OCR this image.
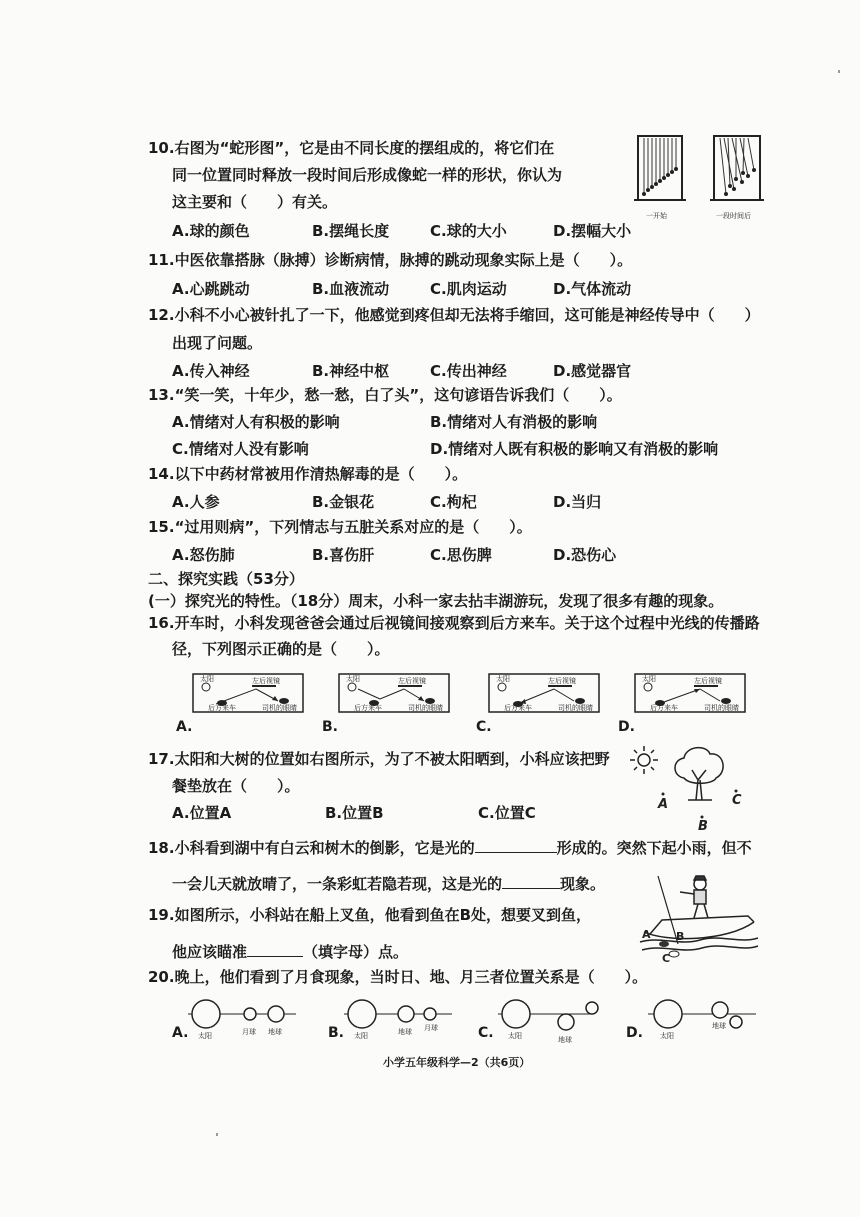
10.右图为“蛇形图”，它是由不同长度的摆组成的，将它们在
同一位置同时释放一段时间后形成像蛇一样的形状，你认为
这主要和（　　）有关。
A.球的颜色	B.摆绳长度	C.球的大小	D.摆幅大小
一开始	一段时间后
11.中医依靠搭脉（脉搏）诊断病情，脉搏的跳动现象实际上是（　　）。
A.心跳跳动	B.血液流动	C.肌肉运动	D.气体流动
12.小科不小心被针扎了一下，他感觉到疼但却无法将手缩回，这可能是神经传导中（　　）
出现了问题。
A.传入神经	B.神经中枢	C.传出神经	D.感觉器官
13.“笑一笑，十年少，愁一愁，白了头”，这句谚语告诉我们（　　）。
A.情绪对人有积极的影响	B.情绪对人有消极的影响
C.情绪对人没有影响	D.情绪对人既有积极的影响又有消极的影响
14.以下中药材常被用作清热解毒的是（　　）。
A.人参	B.金银花	C.枸杞	D.当归
15.“过用则病”，下列情志与五脏关系对应的是（　　）。
A.怒伤肺	B.喜伤肝	C.思伤脾	D.恐伤心
二、探究实践（53分）
(一）探究光的特性。（18分）周末，小科一家去拈丰湖游玩，发现了很多有趣的现象。
16.开车时，小科发现爸爸会通过后视镜间接观察到后方来车。关于这个过程中光线的传播路
径，下列图示正确的是（　　）。
太阳	左后视镜
后方来车	司机的眼睛
A.
太阳	左后视镜
后方来车	司机的眼睛
B.
太阳	左后视镜
后方来车	司机的眼睛
C.
太阳	左后视镜
后方来车	司机的眼睛
D.
17.太阳和大树的位置如右图所示，为了不被太阳晒到，小科应该把野
餐垫放在（　　）。
A.位置A	B.位置B	C.位置C	A
B
C
18.小科看到湖中有白云和树木的倒影，它是光的	形成的。突然下起小雨，但不
一会儿天就放晴了，一条彩虹若隐若现，这是光的	现象。
19.如图所示，小科站在船上叉鱼，他看到鱼在B处，想要叉到鱼，
他应该瞄准	（填字母）点。
A B
C
20.晚上，他们看到了月食现象，当时日、地、月三者位置关系是（　　）。
太阳	月球 地球
A.	太阳	地球 月球
B.	太阳	地球
C.	太阳
地球
D.
小学五年级科学—2（共6页）
